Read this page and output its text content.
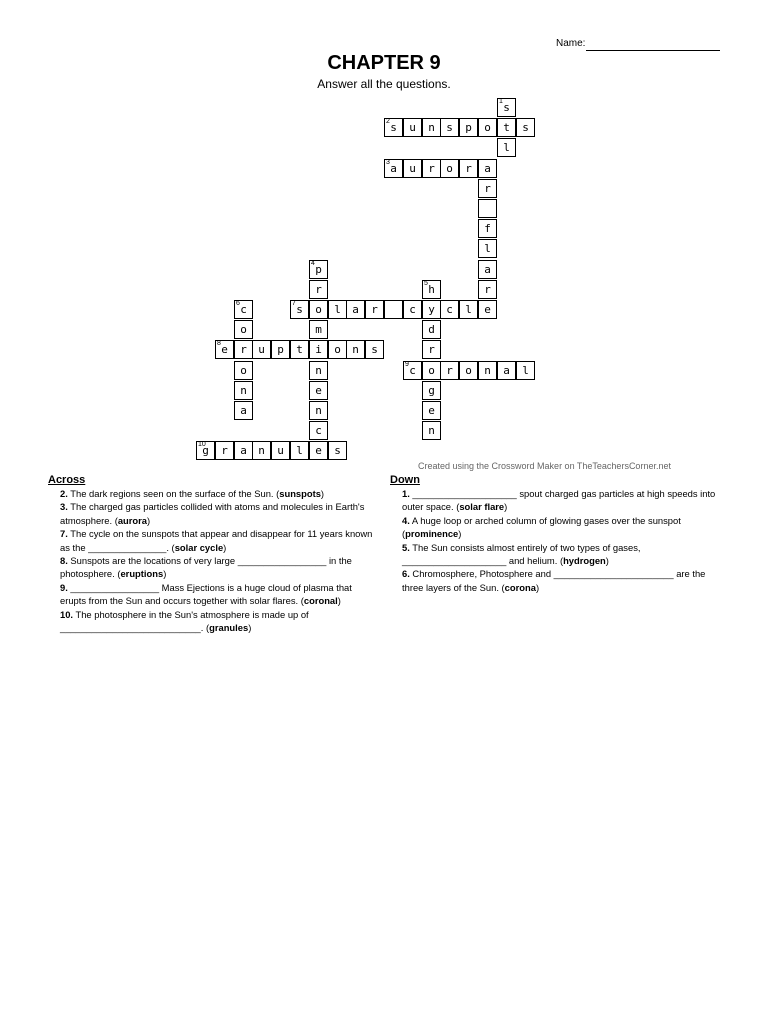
Name:
CHAPTER 9
Answer all the questions.
1 s
2 s	u	n	s	p	o	t	s
l
3 a	u	r	o	r	a
r
f
l
4 p	a
r	5 h	r
6 c	7 s	o	l	a	r	c	y	c	l	e
o	m	d
8 e	r	u	p	t	i	o	n	s	r
o	n	9 c	o	r	o	n	a	l
n	e	g
a	n	e
c	n
10
g	r	a	n	u	l	e	s
Created using the Crossword Maker on TheTeachersCorner.net
Across

2. The dark regions seen on the surface of the Sun. (sunspots)

3. The charged gas particles collided with atoms and molecules in Earth's atmosphere. (aurora)

7. The cycle on the sunspots that appear and disappear for 11 years known as the _______________. (solar cycle)

8. Sunspots are the locations of very large _________________ in the photosphere. (eruptions)

9. _________________ Mass Ejections is a huge cloud of plasma that erupts from the Sun and occurs together with solar flares. (coronal)

10. The photosphere in the Sun's atmosphere is made up of ___________________________. (granules)

Down

1. ____________________ spout charged gas particles at high speeds into outer space. (solar flare)

4. A huge loop or arched column of glowing gases over the sunspot (prominence)

5. The Sun consists almost entirely of two types of gases, ____________________ and helium. (hydrogen)

6. Chromosphere, Photosphere and _______________________ are the three layers of the Sun. (corona)
